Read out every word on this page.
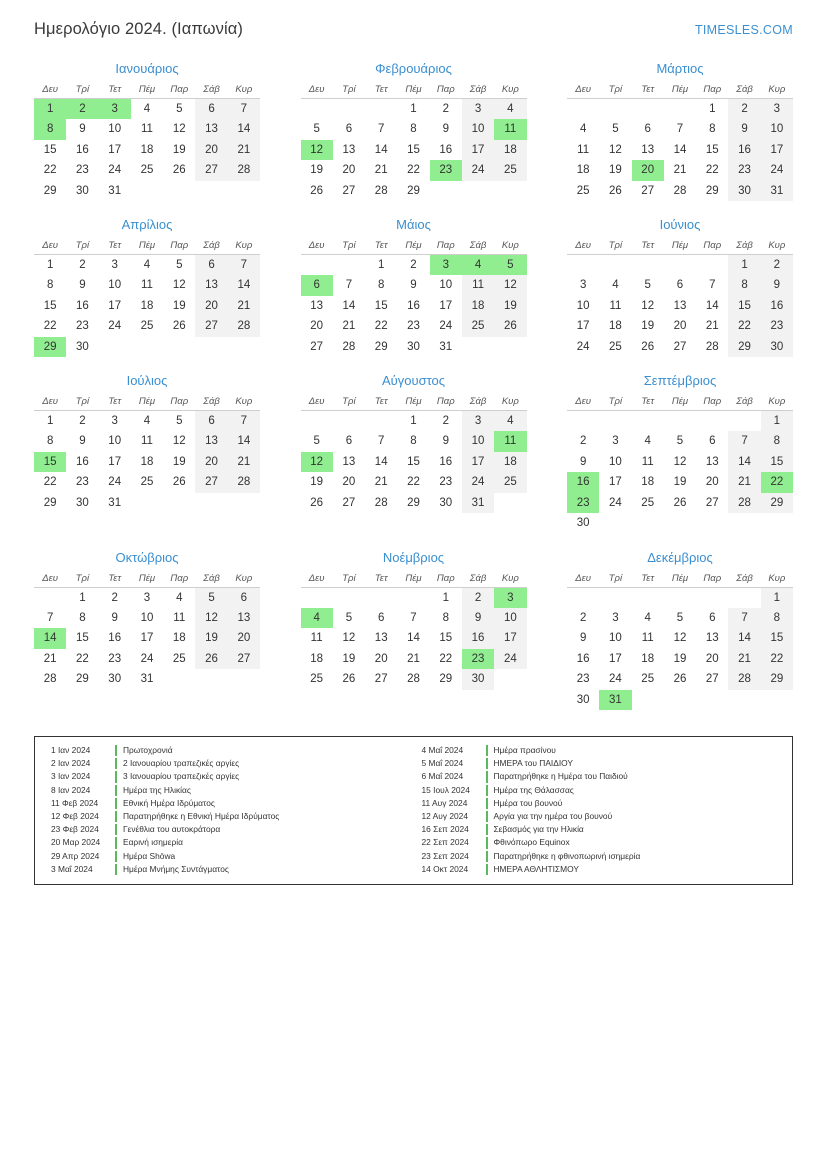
Ημερολόγιο 2024. (Ιαπωνία)	TIMESLES.COM
Ιανουάριος
Δευ	Τρί	Τετ	Πέμ	Παρ	Σάβ	Κυρ
1	2	3	4	5	6	7
8	9	10	11	12	13	14
15	16	17	18	19	20	21
22	23	24	25	26	27	28
29	30	31				
Φεβρουάριος
Δευ	Τρί	Τετ	Πέμ	Παρ	Σάβ	Κυρ
			1	2	3	4
5	6	7	8	9	10	11
12	13	14	15	16	17	18
19	20	21	22	23	24	25
26	27	28	29			
Μάρτιος
Δευ	Τρί	Τετ	Πέμ	Παρ	Σάβ	Κυρ
				1	2	3
4	5	6	7	8	9	10
11	12	13	14	15	16	17
18	19	20	21	22	23	24
25	26	27	28	29	30	31
Απρίλιος
Δευ	Τρί	Τετ	Πέμ	Παρ	Σάβ	Κυρ
1	2	3	4	5	6	7
8	9	10	11	12	13	14
15	16	17	18	19	20	21
22	23	24	25	26	27	28
29	30					
Μάιος
Δευ	Τρί	Τετ	Πέμ	Παρ	Σάβ	Κυρ
		1	2	3	4	5
6	7	8	9	10	11	12
13	14	15	16	17	18	19
20	21	22	23	24	25	26
27	28	29	30	31		
Ιούνιος
Δευ	Τρί	Τετ	Πέμ	Παρ	Σάβ	Κυρ
					1	2
3	4	5	6	7	8	9
10	11	12	13	14	15	16
17	18	19	20	21	22	23
24	25	26	27	28	29	30
Ιούλιος
Δευ	Τρί	Τετ	Πέμ	Παρ	Σάβ	Κυρ
1	2	3	4	5	6	7
8	9	10	11	12	13	14
15	16	17	18	19	20	21
22	23	24	25	26	27	28
29	30	31				
Αύγουστος
Δευ	Τρί	Τετ	Πέμ	Παρ	Σάβ	Κυρ
			1	2	3	4
5	6	7	8	9	10	11
12	13	14	15	16	17	18
19	20	21	22	23	24	25
26	27	28	29	30	31	
Σεπτέμβριος
Δευ	Τρί	Τετ	Πέμ	Παρ	Σάβ	Κυρ
						1
2	3	4	5	6	7	8
9	10	11	12	13	14	15
16	17	18	19	20	21	22
23	24	25	26	27	28	29
30						
Οκτώβριος
Δευ	Τρί	Τετ	Πέμ	Παρ	Σάβ	Κυρ
	1	2	3	4	5	6
7	8	9	10	11	12	13
14	15	16	17	18	19	20
21	22	23	24	25	26	27
28	29	30	31			
Νοέμβριος
Δευ	Τρί	Τετ	Πέμ	Παρ	Σάβ	Κυρ
				1	2	3
4	5	6	7	8	9	10
11	12	13	14	15	16	17
18	19	20	21	22	23	24
25	26	27	28	29	30	
Δεκέμβριος
Δευ	Τρί	Τετ	Πέμ	Παρ	Σάβ	Κυρ
						1
2	3	4	5	6	7	8
9	10	11	12	13	14	15
16	17	18	19	20	21	22
23	24	25	26	27	28	29
30	31					
1 Ιαν 2024	Πρωτοχρονιά
2 Ιαν 2024	2 Ιανουαρίου τραπεζικές αργίες
3 Ιαν 2024	3 Ιανουαρίου τραπεζικές αργίες
8 Ιαν 2024	Ημέρα της Ηλικίας
11 Φεβ 2024	Εθνική Ημέρα Ιδρύματος
12 Φεβ 2024	Παρατηρήθηκε η Εθνική Ημέρα Ιδρύματος
23 Φεβ 2024	Γενέθλια του αυτοκράτορα
20 Μαρ 2024	Εαρινή ισημερία
29 Απρ 2024	Ημέρα Shōwa
3 Μαΐ 2024	Ημέρα Μνήμης Συντάγματος
4 Μαΐ 2024	Ημέρα πρασίνου
5 Μαΐ 2024	ΗΜΕΡΑ του ΠΑΙΔΙΟΥ
6 Μαΐ 2024	Παρατηρήθηκε η Ημέρα του Παιδιού
15 Ιουλ 2024	Ημέρα της Θάλασσας
11 Αυγ 2024	Ημέρα του βουνού
12 Αυγ 2024	Αργία για την ημέρα του βουνού
16 Σεπ 2024	Σεβασμός για την Ηλικία
22 Σεπ 2024	Φθινόπωρο Equinox
23 Σεπ 2024	Παρατηρήθηκε η φθινοπωρινή ισημερία
14 Οκτ 2024	ΗΜΕΡΑ ΑΘΛΗΤΙΣΜΟΥ
